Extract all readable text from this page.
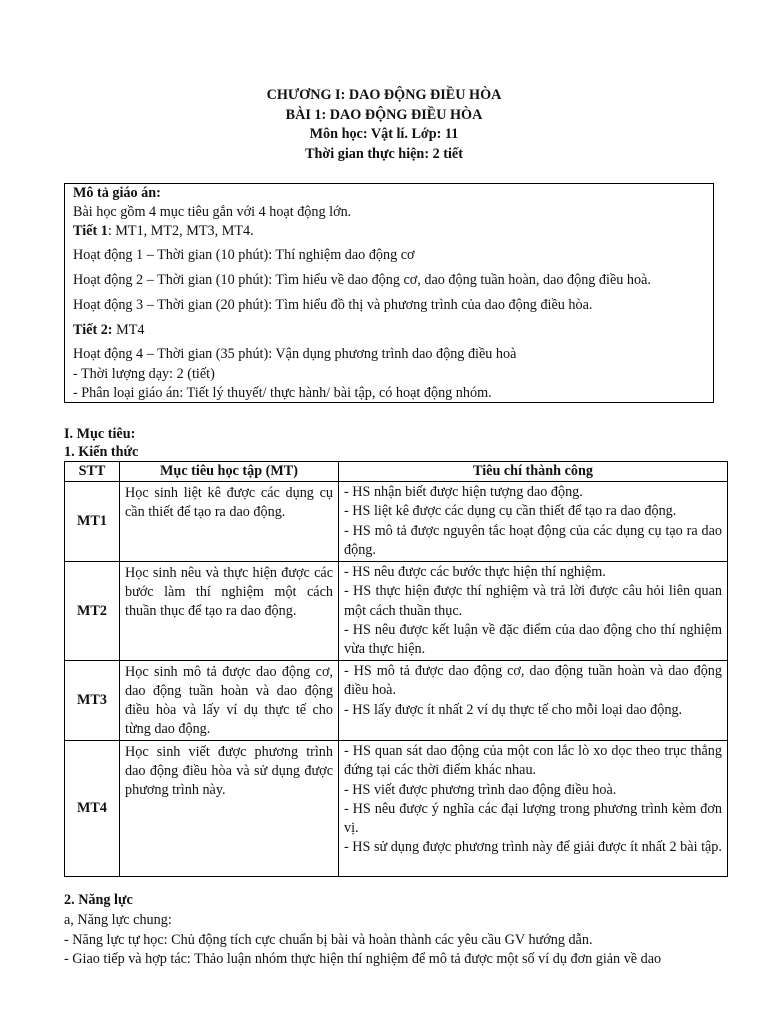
CHƯƠNG I: DAO ĐỘNG ĐIỀU HÒA
BÀI 1: DAO ĐỘNG ĐIỀU HÒA
Môn học: Vật lí. Lớp: 11
Thời gian thực hiện: 2 tiết
Mô tả giáo án:
Bài học gồm 4 mục tiêu gắn với 4 hoạt động lớn.
Tiết 1: MT1, MT2, MT3, MT4.
Hoạt động 1 – Thời gian (10 phút): Thí nghiệm dao động cơ
Hoạt động 2 – Thời gian (10 phút): Tìm hiểu về dao động cơ, dao động tuần hoàn, dao động điều hoà.
Hoạt động 3 – Thời gian (20 phút): Tìm hiểu đồ thị và phương trình của dao động điều hòa.
Tiết 2: MT4
Hoạt động 4 – Thời gian (35 phút): Vận dụng phương trình dao động điều hoà
- Thời lượng dạy: 2 (tiết)
- Phân loại giáo án: Tiết lý thuyết/ thực hành/ bài tập, có hoạt động nhóm.
I. Mục tiêu:
1. Kiến thức
STT	Mục tiêu học tập (MT)	Tiêu chí thành công
MT1	Học sinh liệt kê được các dụng cụ cần thiết để tạo ra dao động.	- HS nhận biết được hiện tượng dao động.
- HS liệt kê được các dụng cụ cần thiết để tạo ra dao động.
- HS mô tả được nguyên tắc hoạt động của các dụng cụ tạo ra dao động.

MT2	Học sinh nêu và thực hiện được các bước làm thí nghiệm một cách thuần thục để tạo ra dao động.	- HS nêu được các bước thực hiện thí nghiệm.
- HS thực hiện được thí nghiệm và trả lời được câu hỏi liên quan một cách thuần thục.
- HS nêu được kết luận về đặc điểm của dao động cho thí nghiệm vừa thực hiện.

MT3	Học sinh mô tả được dao động cơ, dao động tuần hoàn và dao động điều hòa và lấy ví dụ thực tế cho từng dao động.	- HS mô tả được dao động cơ, dao động tuần hoàn và dao động điều hoà.
- HS lấy được ít nhất 2 ví dụ thực tế cho mỗi loại dao động.

MT4	Học sinh viết được phương trình dao động điều hòa và sử dụng được phương trình này.	- HS quan sát dao động của một con lắc lò xo dọc theo trục thẳng đứng tại các thời điểm khác nhau.
- HS viết được phương trình dao động điều hoà.
- HS nêu được ý nghĩa các đại lượng trong phương trình kèm đơn vị.
- HS sử dụng được phương trình này để giải được ít nhất 2 bài tập.
2. Năng lực
a, Năng lực chung:
- Năng lực tự học: Chủ động tích cực chuẩn bị bài và hoàn thành các yêu cầu GV hướng dẫn.
- Giao tiếp và hợp tác: Thảo luận nhóm thực hiện thí nghiệm để mô tả được một số ví dụ đơn giản về dao
